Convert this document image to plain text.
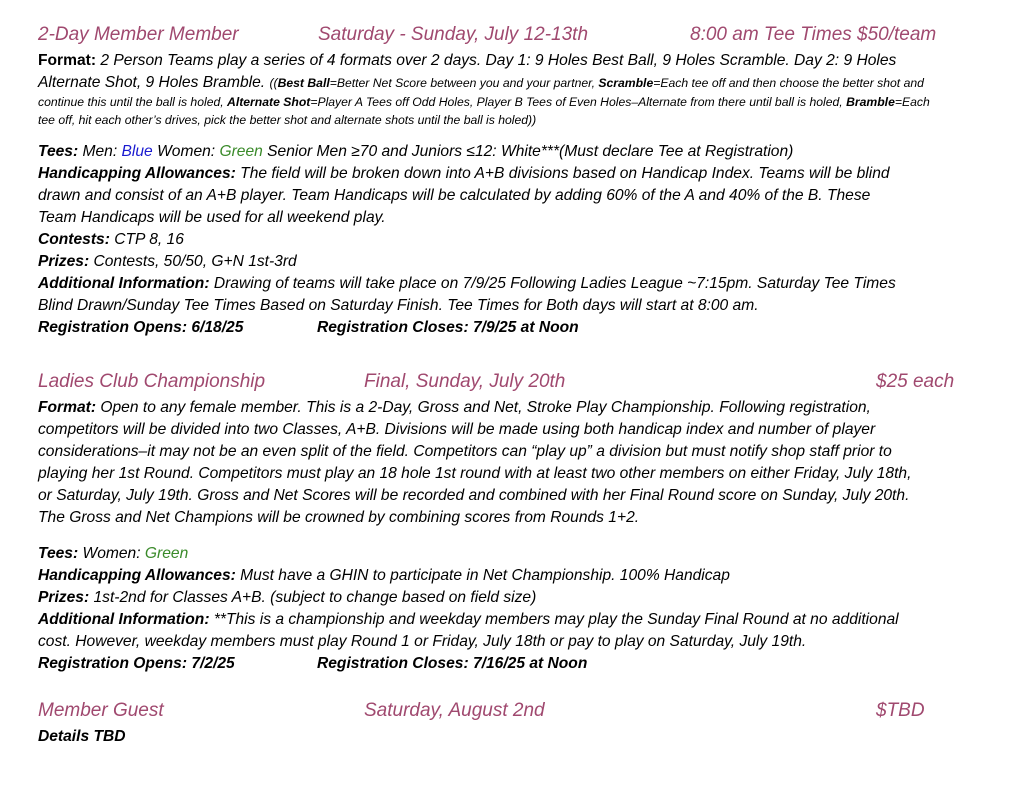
2-Day Member Member	Saturday - Sunday, July 12-13th	8:00 am Tee Times $50/team
Format: 2 Person Teams play a series of 4 formats over 2 days. Day 1: 9 Holes Best Ball, 9 Holes Scramble. Day 2: 9 Holes
Alternate Shot, 9 Holes Bramble. ((Best Ball=Better Net Score between you and your partner, Scramble=Each tee off and then choose the better shot and
continue this until the ball is holed, Alternate Shot=Player A Tees off Odd Holes, Player B Tees of Even Holes–Alternate from there until ball is holed, Bramble=Each
tee off, hit each other’s drives, pick the better shot and alternate shots until the ball is holed))
Tees: Men: Blue Women: Green Senior Men ≥70 and Juniors ≤12: White***(Must declare Tee at Registration)
Handicapping Allowances: The field will be broken down into A+B divisions based on Handicap Index. Teams will be blind
drawn and consist of an A+B player. Team Handicaps will be calculated by adding 60% of the A and 40% of the B. These
Team Handicaps will be used for all weekend play.
Contests: CTP 8, 16
Prizes: Contests, 50/50, G+N 1st-3rd
Additional Information: Drawing of teams will take place on 7/9/25 Following Ladies League ~7:15pm. Saturday Tee Times
Blind Drawn/Sunday Tee Times Based on Saturday Finish. Tee Times for Both days will start at 8:00 am.
Registration Opens: 6/18/25	Registration Closes: 7/9/25 at Noon
Ladies Club Championship	Final, Sunday, July 20th	$25 each
Format: Open to any female member. This is a 2-Day, Gross and Net, Stroke Play Championship. Following registration,
competitors will be divided into two Classes, A+B. Divisions will be made using both handicap index and number of player
considerations–it may not be an even split of the field. Competitors can “play up” a division but must notify shop staff prior to
playing her 1st Round. Competitors must play an 18 hole 1st round with at least two other members on either Friday, July 18th,
or Saturday, July 19th. Gross and Net Scores will be recorded and combined with her Final Round score on Sunday, July 20th.
The Gross and Net Champions will be crowned by combining scores from Rounds 1+2.
Tees: Women: Green
Handicapping Allowances: Must have a GHIN to participate in Net Championship. 100% Handicap
Prizes: 1st-2nd for Classes A+B. (subject to change based on field size)
Additional Information: **This is a championship and weekday members may play the Sunday Final Round at no additional
cost. However, weekday members must play Round 1 or Friday, July 18th or pay to play on Saturday, July 19th.
Registration Opens: 7/2/25	Registration Closes: 7/16/25 at Noon
Member Guest	Saturday, August 2nd	$TBD
Details TBD
